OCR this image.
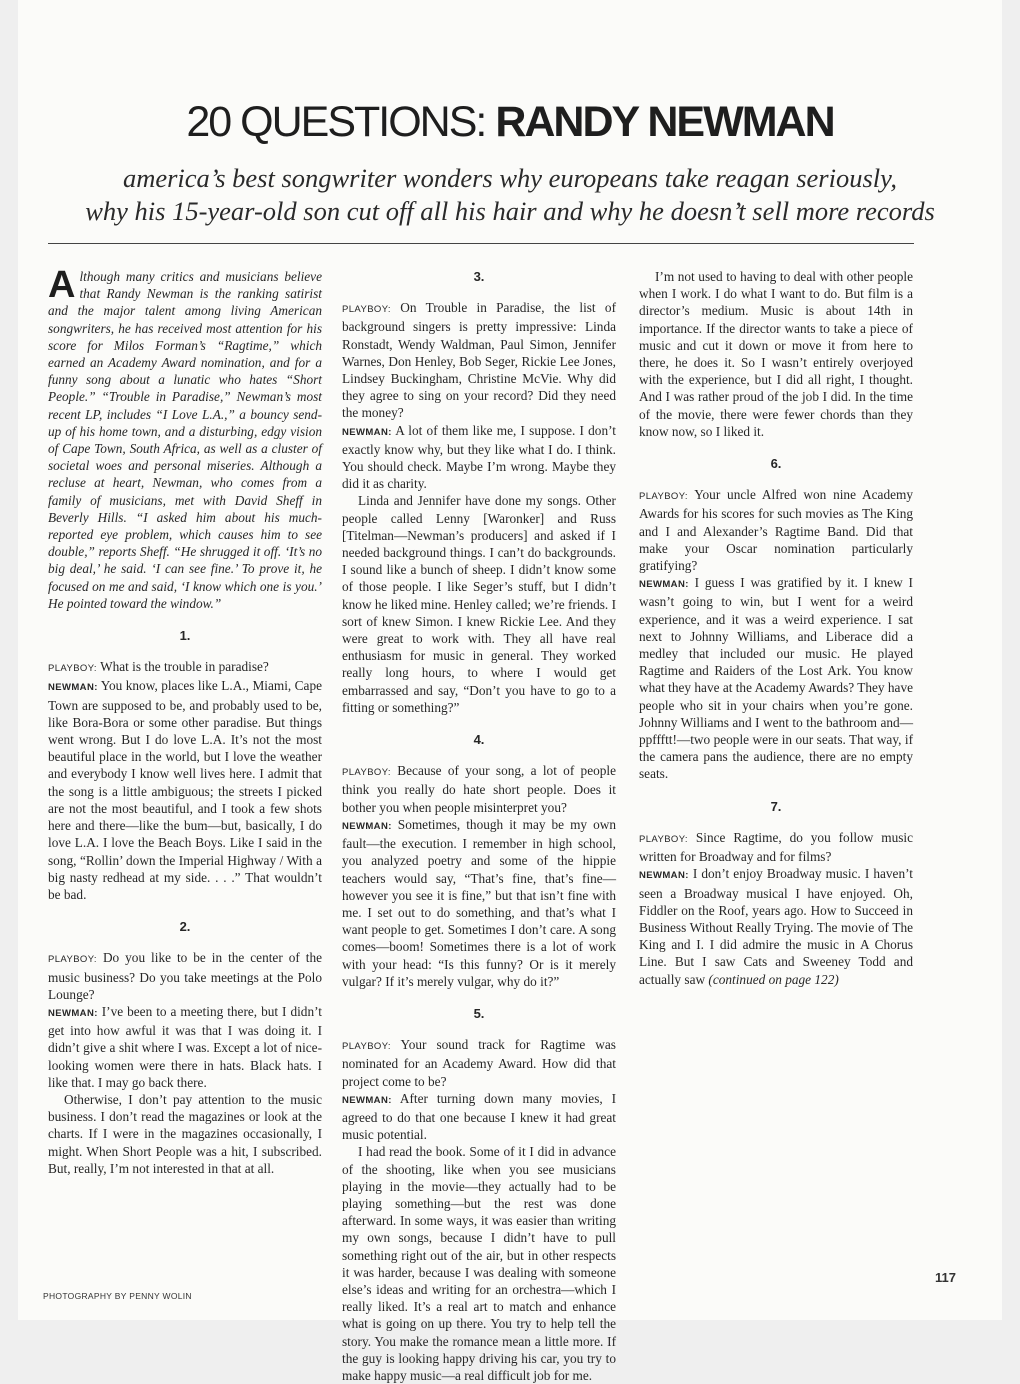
20 QUESTIONS: RANDY NEWMAN
america’s best songwriter wonders why europeans take reagan seriously,
why his 15-year-old son cut off all his hair and why he doesn’t sell more records

Although many critics and musicians believe that Randy Newman is the ranking satirist and the major talent among living American songwriters, he has received most attention for his score for Milos Forman’s “Ragtime,” which earned an Academy Award nomination, and for a funny song about a lunatic who hates “Short People.” “Trouble in Paradise,” Newman’s most recent LP, includes “I Love L.A.,” a bouncy send-up of his home town, and a disturbing, edgy vision of Cape Town, South Africa, as well as a cluster of societal woes and personal miseries. Although a recluse at heart, Newman, who comes from a family of musicians, met with David Sheff in Beverly Hills. “I asked him about his much-reported eye problem, which causes him to see double,” reports Sheff. “He shrugged it off. ‘It’s no big deal,’ he said. ‘I can see fine.’ To prove it, he focused on me and said, ‘I know which one is you.’ He pointed toward the window.”

1.

PLAYBOY: What is the trouble in paradise?

NEWMAN: You know, places like L.A., Miami, Cape Town are supposed to be, and probably used to be, like Bora-Bora or some other paradise. But things went wrong. But I do love L.A. It’s not the most beautiful place in the world, but I love the weather and everybody I know well lives here. I admit that the song is a little ambiguous; the streets I picked are not the most beautiful, and I took a few shots here and there—like the bum—but, basically, I do love L.A. I love the Beach Boys. Like I said in the song, “Rollin’ down the Imperial Highway / With a big nasty redhead at my side. . . .” That wouldn’t be bad.

2.

PLAYBOY: Do you like to be in the center of the music business? Do you take meetings at the Polo Lounge?

NEWMAN: I’ve been to a meeting there, but I didn’t get into how awful it was that I was doing it. I didn’t give a shit where I was. Except a lot of nice-looking women were there in hats. Black hats. I like that. I may go back there.

Otherwise, I don’t pay attention to the music business. I don’t read the magazines or look at the charts. If I were in the magazines occasionally, I might. When Short People was a hit, I subscribed. But, really, I’m not interested in that at all.

3.

PLAYBOY: On Trouble in Paradise, the list of background singers is pretty impressive: Linda Ronstadt, Wendy Waldman, Paul Simon, Jennifer Warnes, Don Henley, Bob Seger, Rickie Lee Jones, Lindsey Buckingham, Christine McVie. Why did they agree to sing on your record? Did they need the money?

NEWMAN: A lot of them like me, I suppose. I don’t exactly know why, but they like what I do. I think. You should check. Maybe I’m wrong. Maybe they did it as charity.

Linda and Jennifer have done my songs. Other people called Lenny [Waronker] and Russ [Titelman—Newman’s producers] and asked if I needed background things. I can’t do backgrounds. I sound like a bunch of sheep. I didn’t know some of those people. I like Seger’s stuff, but I didn’t know he liked mine. Henley called; we’re friends. I sort of knew Simon. I knew Rickie Lee. And they were great to work with. They all have real enthusiasm for music in general. They worked really long hours, to where I would get embarrassed and say, “Don’t you have to go to a fitting or something?”

4.

PLAYBOY: Because of your song, a lot of people think you really do hate short people. Does it bother you when people misinterpret you?

NEWMAN: Sometimes, though it may be my own fault—the execution. I remember in high school, you analyzed poetry and some of the hippie teachers would say, “That’s fine, that’s fine—however you see it is fine,” but that isn’t fine with me. I set out to do something, and that’s what I want people to get. Sometimes I don’t care. A song comes—boom! Sometimes there is a lot of work with your head: “Is this funny? Or is it merely vulgar? If it’s merely vulgar, why do it?”

5.

PLAYBOY: Your sound track for Ragtime was nominated for an Academy Award. How did that project come to be?

NEWMAN: After turning down many movies, I agreed to do that one because I knew it had great music potential.

I had read the book. Some of it I did in advance of the shooting, like when you see musicians playing in the movie—they actually had to be playing something—but the rest was done afterward. In some ways, it was easier than writing my own songs, because I didn’t have to pull something right out of the air, but in other respects it was harder, because I was dealing with someone else’s ideas and writing for an orchestra—which I really liked. It’s a real art to match and enhance what is going on up there. You try to help tell the story. You make the romance mean a little more. If the guy is looking happy driving his car, you try to make happy music—a real difficult job for me.

I’m not used to having to deal with other people when I work. I do what I want to do. But film is a director’s medium. Music is about 14th in importance. If the director wants to take a piece of music and cut it down or move it from here to there, he does it. So I wasn’t entirely overjoyed with the experience, but I did all right, I thought. And I was rather proud of the job I did. In the time of the movie, there were fewer chords than they know now, so I liked it.

6.

PLAYBOY: Your uncle Alfred won nine Academy Awards for his scores for such movies as The King and I and Alexander’s Ragtime Band. Did that make your Oscar nomination particularly gratifying?

NEWMAN: I guess I was gratified by it. I knew I wasn’t going to win, but I went for a weird experience, and it was a weird experience. I sat next to Johnny Williams, and Liberace did a medley that included our music. He played Ragtime and Raiders of the Lost Ark. You know what they have at the Academy Awards? They have people who sit in your chairs when you’re gone. Johnny Williams and I went to the bathroom and—ppffftt!—two people were in our seats. That way, if the camera pans the audience, there are no empty seats.

7.

PLAYBOY: Since Ragtime, do you follow music written for Broadway and for films?

NEWMAN: I don’t enjoy Broadway music. I haven’t seen a Broadway musical I have enjoyed. Oh, Fiddler on the Roof, years ago. How to Succeed in Business Without Really Trying. The movie of The King and I. I did admire the music in A Chorus Line. But I saw Cats and Sweeney Todd and actually saw (continued on page 122)

117
PHOTOGRAPHY BY PENNY WOLIN
